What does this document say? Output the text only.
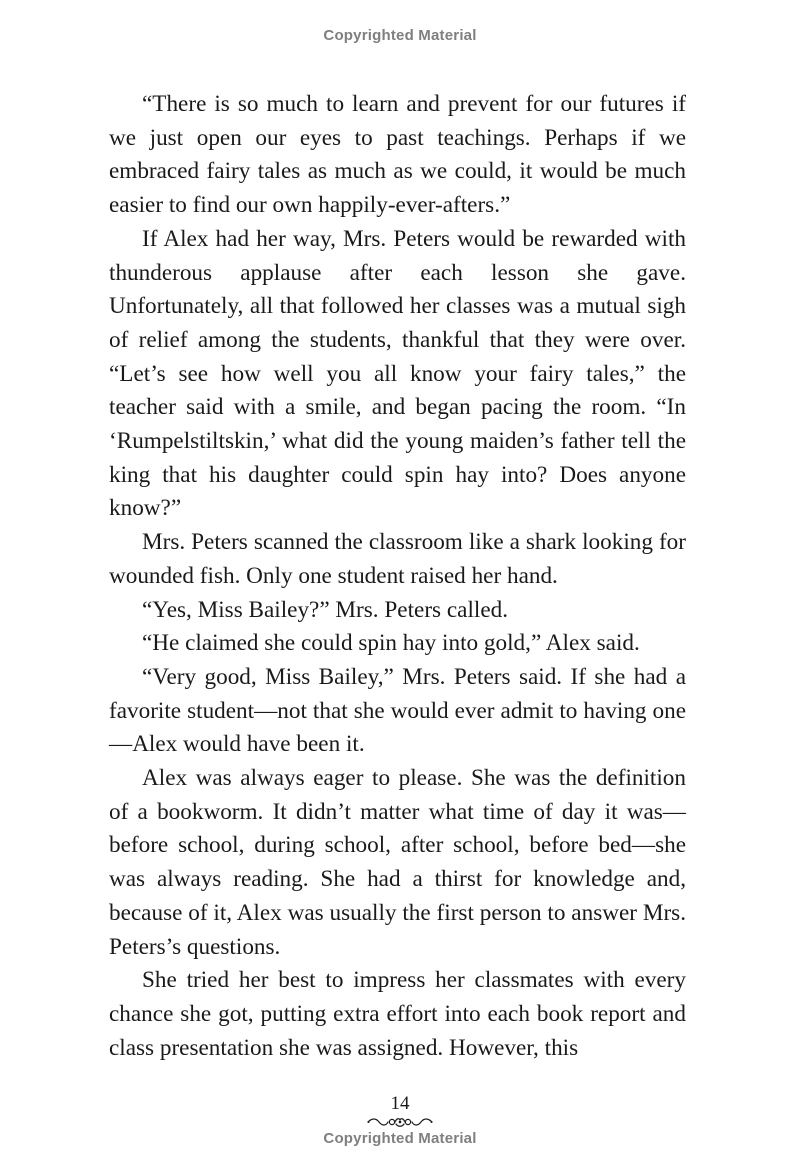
Copyrighted Material

“There is so much to learn and prevent for our futures if we just open our eyes to past teachings. Perhaps if we embraced fairy tales as much as we could, it would be much easier to find our own happily-ever-afters.”

If Alex had her way, Mrs. Peters would be rewarded with thunderous applause after each lesson she gave. Unfortunately, all that followed her classes was a mutual sigh of relief among the students, thankful that they were over. “Let’s see how well you all know your fairy tales,” the teacher said with a smile, and began pacing the room. “In ‘Rumpelstiltskin,’ what did the young maiden’s father tell the king that his daughter could spin hay into? Does anyone know?”

Mrs. Peters scanned the classroom like a shark looking for wounded fish. Only one student raised her hand.

“Yes, Miss Bailey?” Mrs. Peters called.

“He claimed she could spin hay into gold,” Alex said.

“Very good, Miss Bailey,” Mrs. Peters said. If she had a favorite student—not that she would ever admit to having one—Alex would have been it.

Alex was always eager to please. She was the definition of a bookworm. It didn’t matter what time of day it was—before school, during school, after school, before bed—she was always reading. She had a thirst for knowledge and, because of it, Alex was usually the first person to answer Mrs. Peters’s questions.

She tried her best to impress her classmates with every chance she got, putting extra effort into each book report and class presentation she was assigned. However, this

14
Copyrighted Material
